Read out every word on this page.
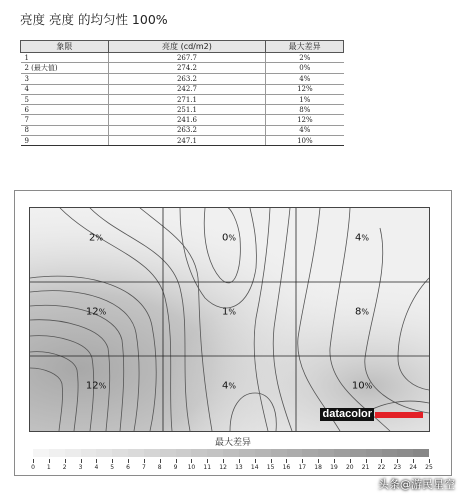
亮度 亮度 的均匀性 100%
象限	亮度 (cd/m2)	最大差异
1	267.7	2%
2 (最大值)	274.2	0%
3	263.2	4%
4	242.7	12%
5	271.1	1%
6	251.1	8%
7	241.6	12%
8	263.2	4%
9	247.1	10%
2%	0%	4%
12%	1%	8%
12%	4%	10%
datacolor
最大差异
0 1 2 3 4 5 6 7 8 9 10 11 12 13 14 15 16 17 18 19 20 21 22 23 24 25
头条@游民星空
